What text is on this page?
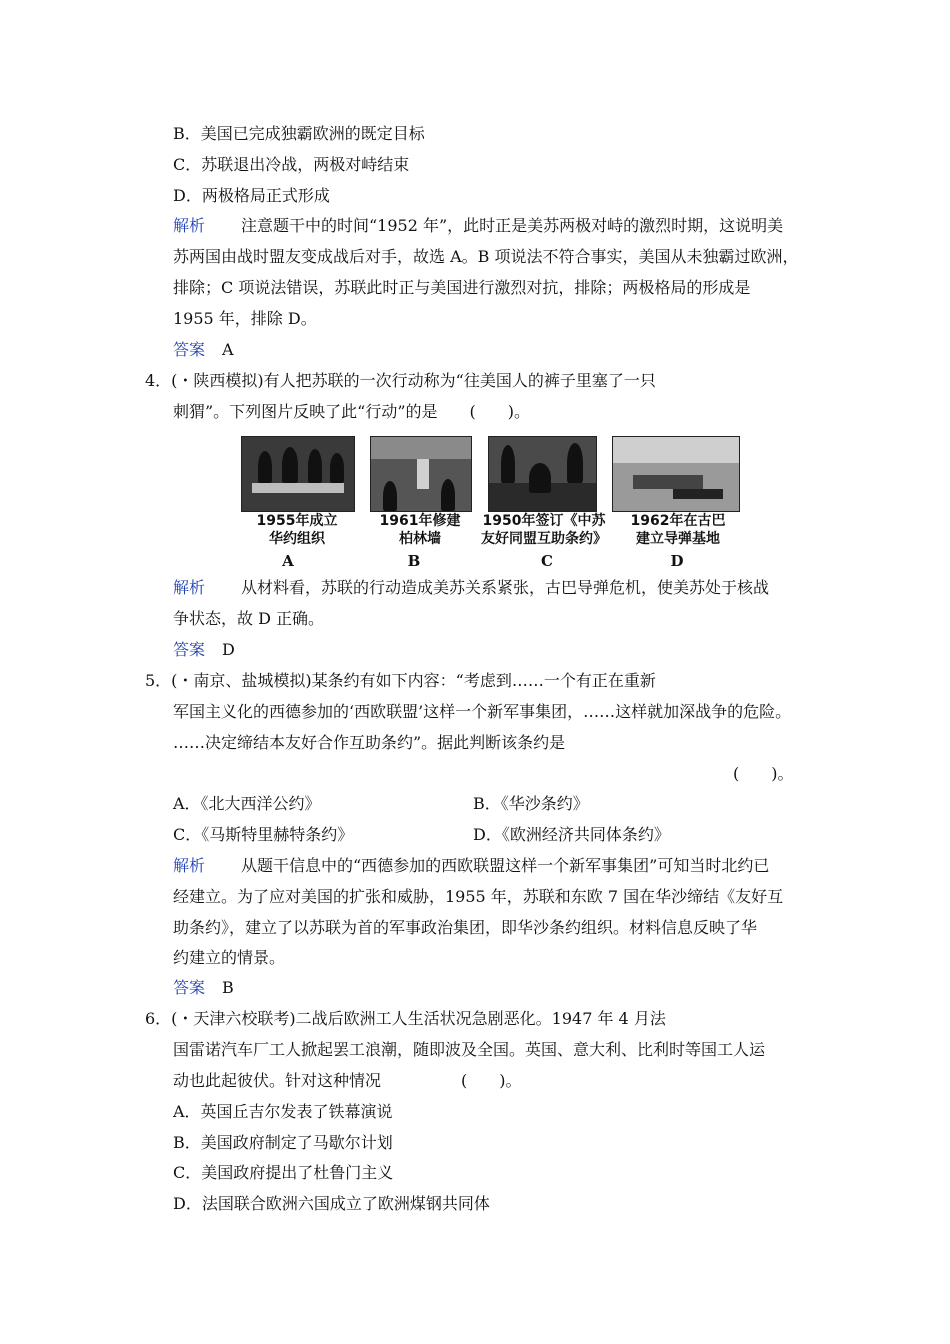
B．美国已完成独霸欧洲的既定目标
C．苏联退出冷战，两极对峙结束
D．两极格局正式形成
解析 注意题干中的时间“1952 年”，此时正是美苏两极对峙的激烈时期，这说明美
苏两国由战时盟友变成战后对手，故选 A。B 项说法不符合事实，美国从未独霸过欧洲，
排除；C 项说法错误，苏联此时正与美国进行激烈对抗，排除；两极格局的形成是
1955 年，排除 D。
答案 A
4．(・陕西模拟)有人把苏联的一次行动称为“往美国人的裤子里塞了一只
刺猬”。下列图片反映了此“行动”的是　　(　　)。
1955年成立
华约组织
1961年修建
柏林墙
1950年签订《中苏
友好同盟互助条约》
1962年在古巴
建立导弹基地
A	B	C	D
解析 从材料看，苏联的行动造成美苏关系紧张，古巴导弹危机，使美苏处于核战
争状态，故 D 正确。
答案 D
5．(・南京、盐城模拟)某条约有如下内容：“考虑到……一个有正在重新
军国主义化的西德参加的‘西欧联盟’这样一个新军事集团，……这样就加深战争的危险。
……决定缔结本友好合作互助条约”。据此判断该条约是
(　　)。
A．《北大西洋公约》	B．《华沙条约》
C．《马斯特里赫特条约》	D．《欧洲经济共同体条约》
解析 从题干信息中的“西德参加的西欧联盟这样一个新军事集团”可知当时北约已
经建立。为了应对美国的扩张和威胁，1955 年，苏联和东欧 7 国在华沙缔结《友好互
助条约》，建立了以苏联为首的军事政治集团，即华沙条约组织。材料信息反映了华
约建立的情景。
答案 B
6．(・天津六校联考)二战后欧洲工人生活状况急剧恶化。1947 年 4 月法
国雷诺汽车厂工人掀起罢工浪潮，随即波及全国。英国、意大利、比利时等国工人运
动也此起彼伏。针对这种情况　　　　　(　　)。
A．英国丘吉尔发表了铁幕演说
B．美国政府制定了马歇尔计划
C．美国政府提出了杜鲁门主义
D．法国联合欧洲六国成立了欧洲煤钢共同体
